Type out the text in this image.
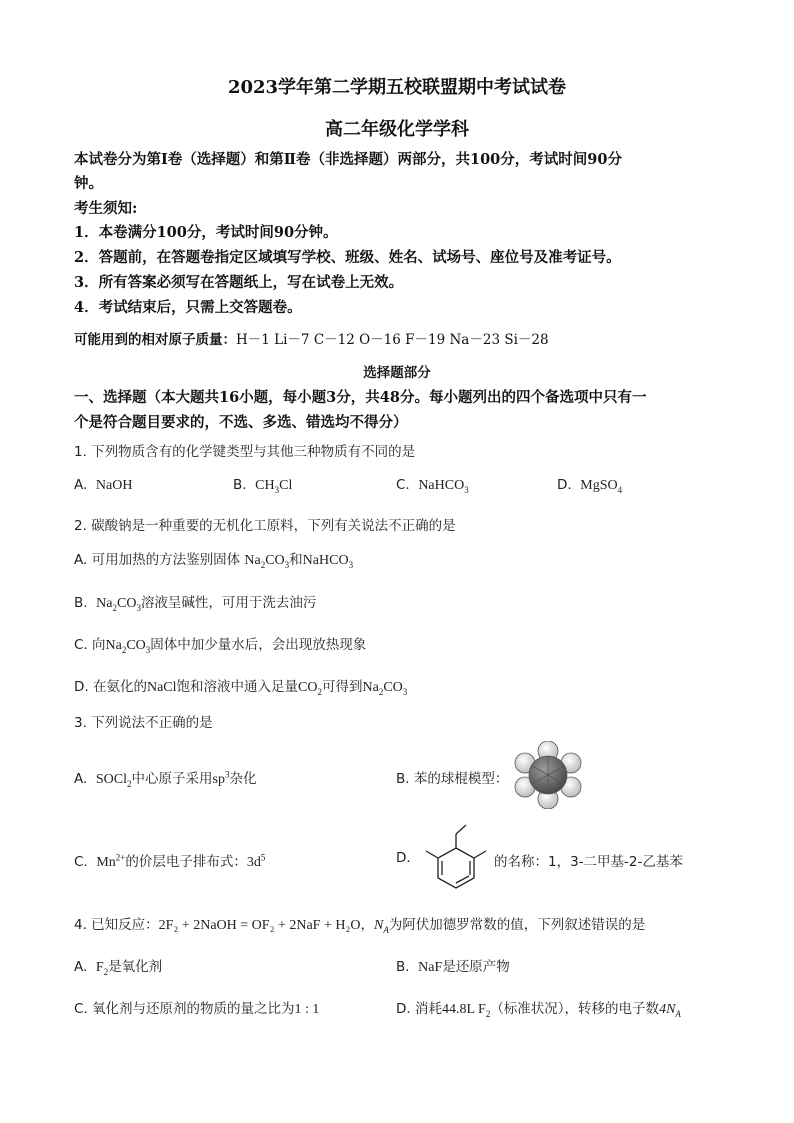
2023学年第二学期五校联盟期中考试试卷
高二年级化学学科
本试卷分为第Ⅰ卷（选择题）和第Ⅱ卷（非选择题）两部分，共100分，考试时间90分
钟。
考生须知:
1．本卷满分100分，考试时间90分钟。
2．答题前，在答题卷指定区域填写学校、班级、姓名、试场号、座位号及准考证号。
3．所有答案必须写在答题纸上，写在试卷上无效。
4．考试结束后，只需上交答题卷。
可能用到的相对原子质量：H－1 Li－7 C－12 O－16 F－19 Na－23 Si－28
选择题部分
一、选择题（本大题共16小题，每小题3分，共48分。每小题列出的四个备选项中只有一
个是符合题目要求的，不选、多选、错选均不得分）
1. 下列物质含有的化学键类型与其他三种物质有不同的是
A. NaOH	B. $CH_3Cl$	C. NaHCO$_3$	D. MgSO$_4$
2. 碳酸钠是一种重要的无机化工原料，下列有关说法不正确的是
A. 可用加热的方法鉴别固体 $Na_2CO_3$和NaHCO$_3$
B. $Na_2CO_3$溶液呈碱性，可用于洗去油污
C. 向$Na_2CO_3$固体中加少量水后，会出现放热现象
D. 在氨化的NaCl饱和溶液中通入足量$CO_2$可得到$Na_2CO_3$
3. 下列说法不正确的是
A. SOCl$_2$中心原子采用$sp^3$杂化	B. 苯的球棍模型：
C. $Mn^{2+}$的价层电子排布式：$3d^5$	D.	的名称：1，3-二甲基-2-乙基苯
4. 已知反应：2F₂ + 2NaOH = OF₂ + 2NaF + H₂O，$N_A$为阿伏加德罗常数的值，下列叙述错误的是
A. $F_2$是氧化剂	B. NaF是还原产物
C. 氧化剂与还原剂的物质的量之比为1 : 1	D. 消耗44.8L $F_2$（标准状况），转移的电子数$4N_A$
